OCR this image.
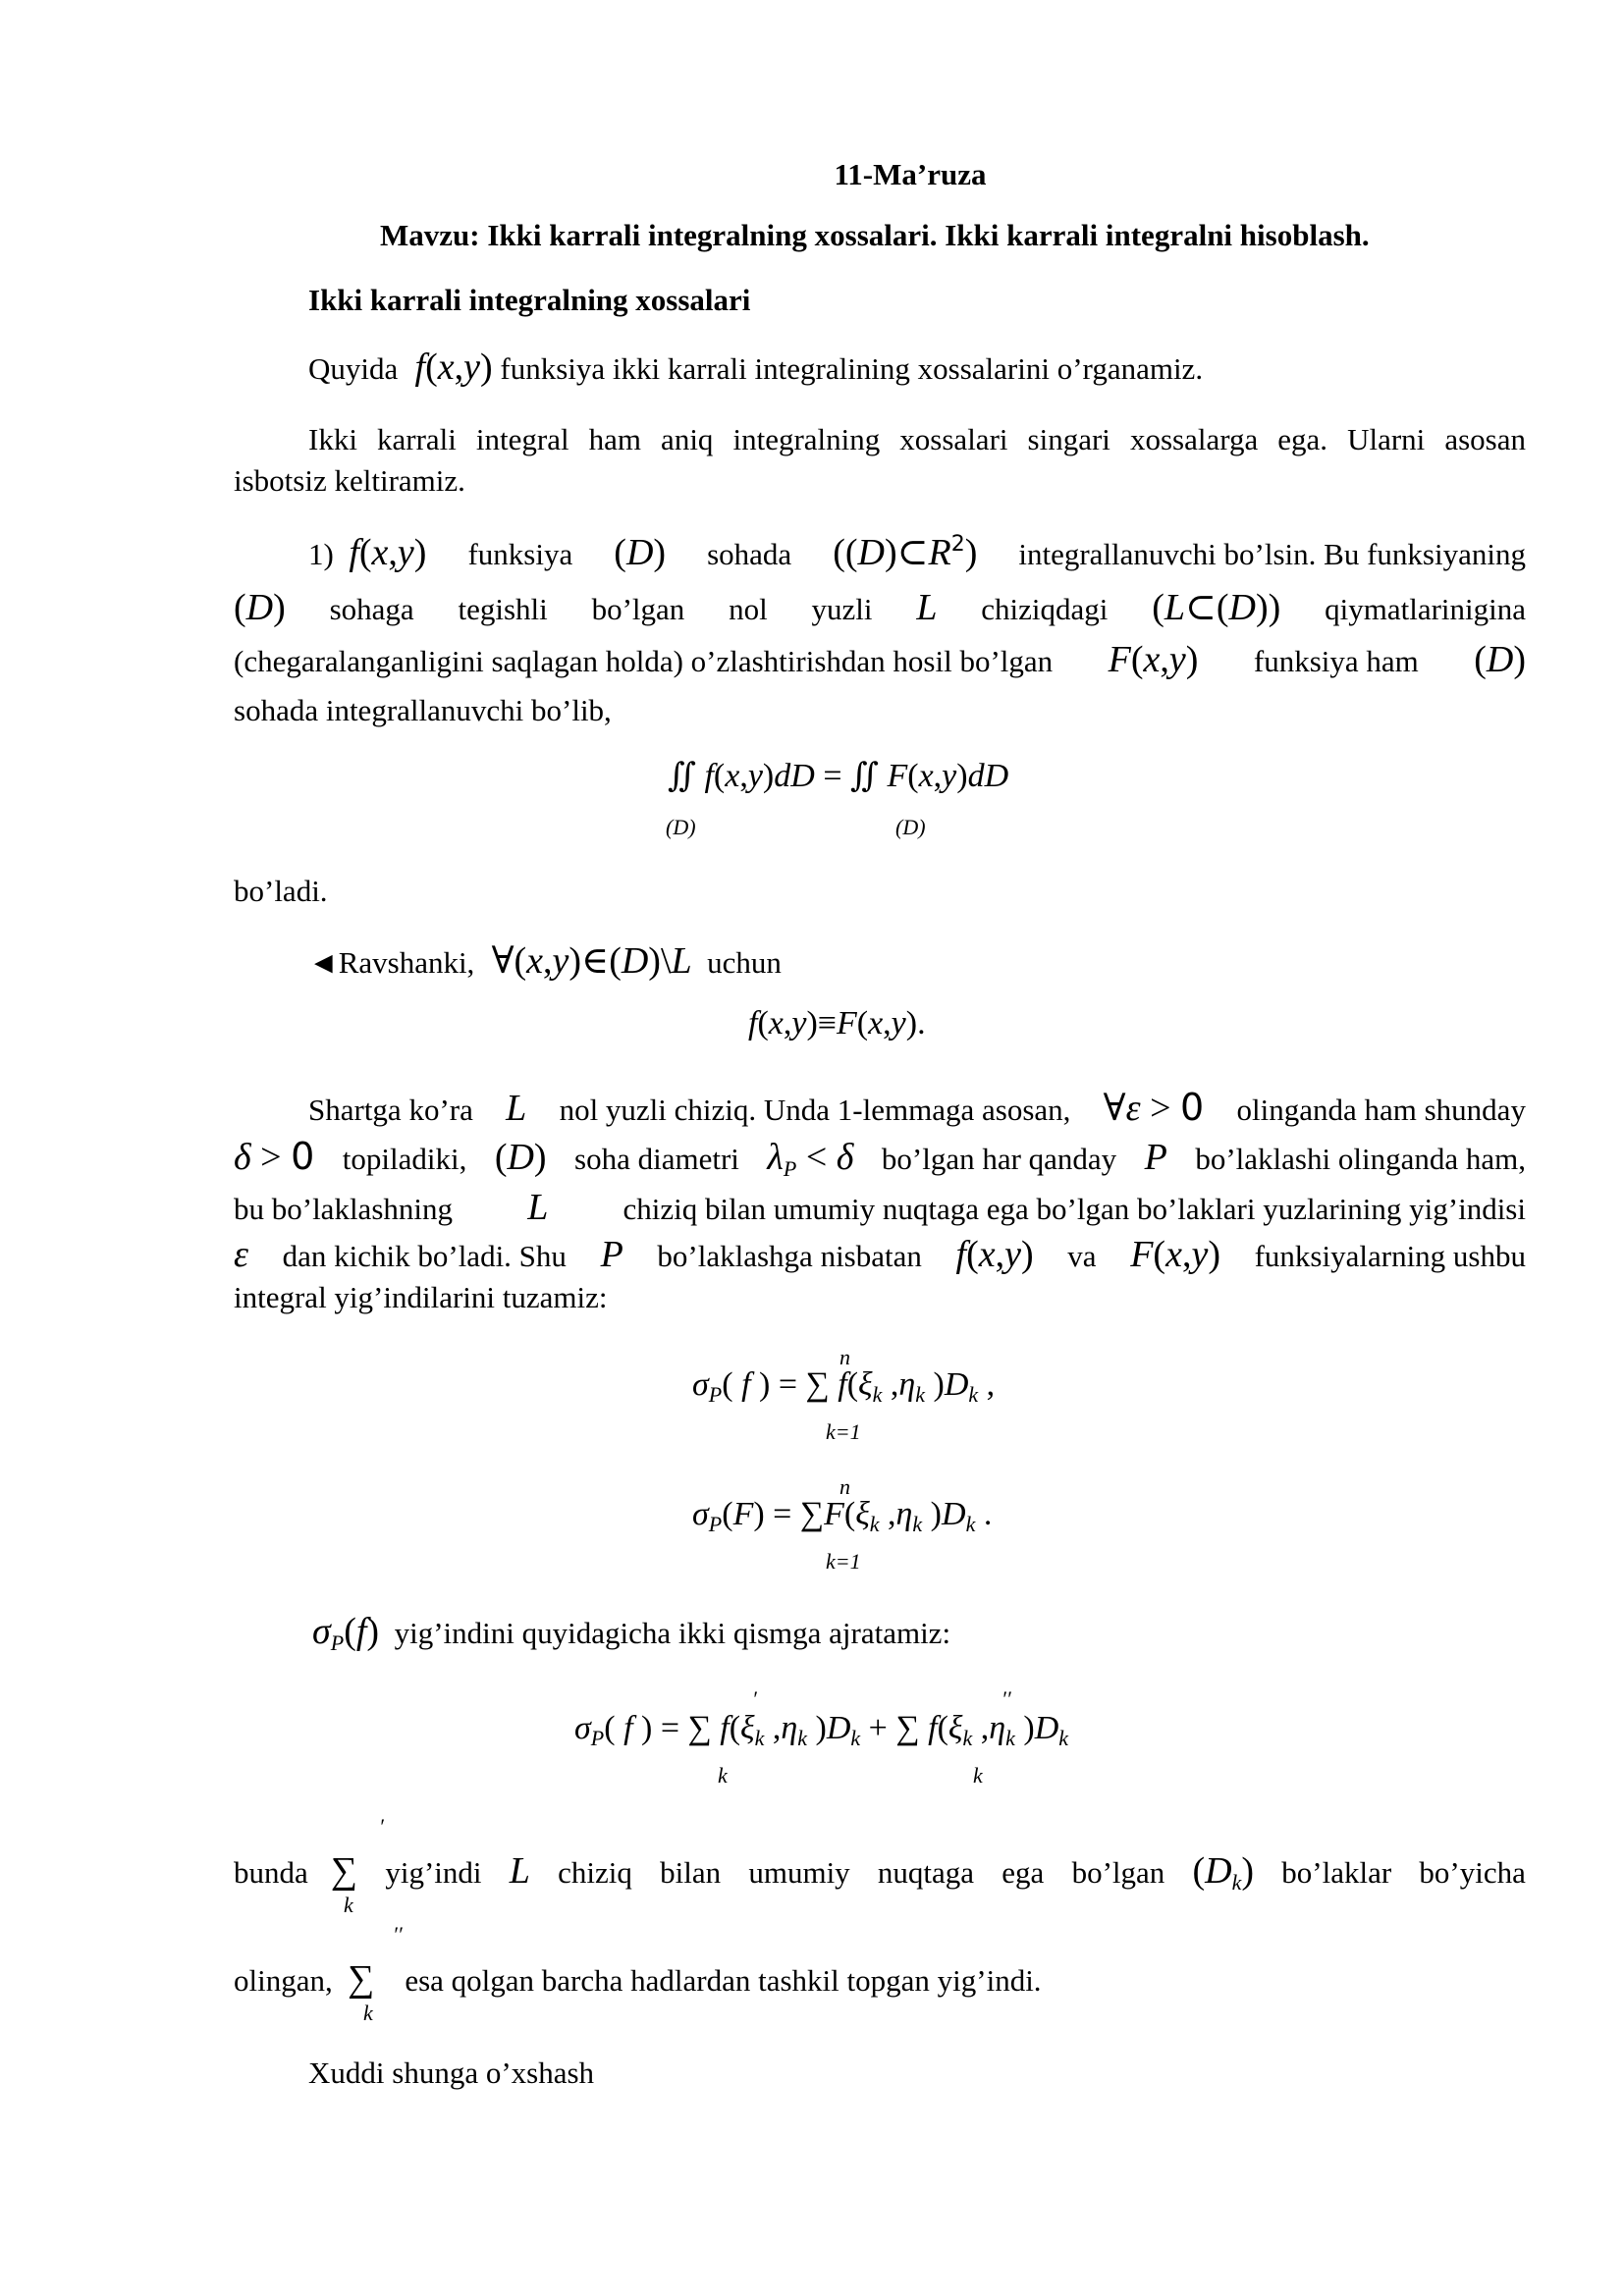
11-Ma’ruza
Mavzu: Ikki karrali integralning xossalari. Ikki karrali integralni hisoblash.
Ikki karrali integralning xossalari
Quyida  f(x,y) funksiya ikki karrali integralining xossalarini o’rganamiz.
Ikki karrali integral ham aniq integralning xossalari singari xossalarga ega. Ularni asosan
isbotsiz keltiramiz.
1) f(x,y) funksiya (D) sohada $((D)\subset R^2)$ integrallanuvchi bo’lsin. Bu funksiyaning
(D) sohaga tegishli bo’lgan nol yuzli L chiziqdagi (L⊂(D)) qiymatlarinigina
(chegaralanganligini saqlagan holda) o’zlashtirishdan hosil bo’lgan F(x,y) funksiya ham (D)
sohada integrallanuvchi bo’lib,
∬ f(x,y)dD = ∬ F(x,y)dD
(D)	(D)
bo’ladi.
◄Ravshanki,  ∀(x,y)∈(D)\L uchun
f(x,y)≡F(x,y).
Shartga ko’ra L nol yuzli chiziq. Unda 1-lemmaga asosan, ∀ε > 0 olinganda ham shunday
δ > 0 topiladiki, (D) soha diametri $\lambda_P < \delta$ bo’lgan har qanday P bo’laklashi olinganda ham,
bu bo’laklashning L chiziq bilan umumiy nuqtaga ega bo’lgan bo’laklari yuzlarining yig’indisi
ε dan kichik bo’ladi. Shu P bo’laklashga nisbatan f(x,y) va F(x,y) funksiyalarning ushbu
integral yig’indilarini tuzamiz:
$\sigma_P$( f ) = ∑ $f(\xi_k$ $,\eta_k$ )$D_k$ ,
n
k=1
$\sigma_P(F) = \sum F(\xi_k$ $,\eta_k$ )$D_k$ .
n
k=1
$\sigma_P(f)$ yig’indini quyidagicha ikki qismga ajratamiz:
$\sigma_P$( f ) = ∑ $f(\xi_k$ $,\eta_k$ )$D_k$ + ∑ $f(\xi_k$ $,\eta_k$ )$D_k$
′	′′
k	k
bunda ∑ yig’indi L chiziq bilan umumiy nuqtaga ega bo’lgan $(D_k)$ bo’laklar bo’yicha
′
k
olingan, ∑ esa qolgan barcha hadlardan tashkil topgan yig’indi.
′′
k
Xuddi shunga o’xshash
